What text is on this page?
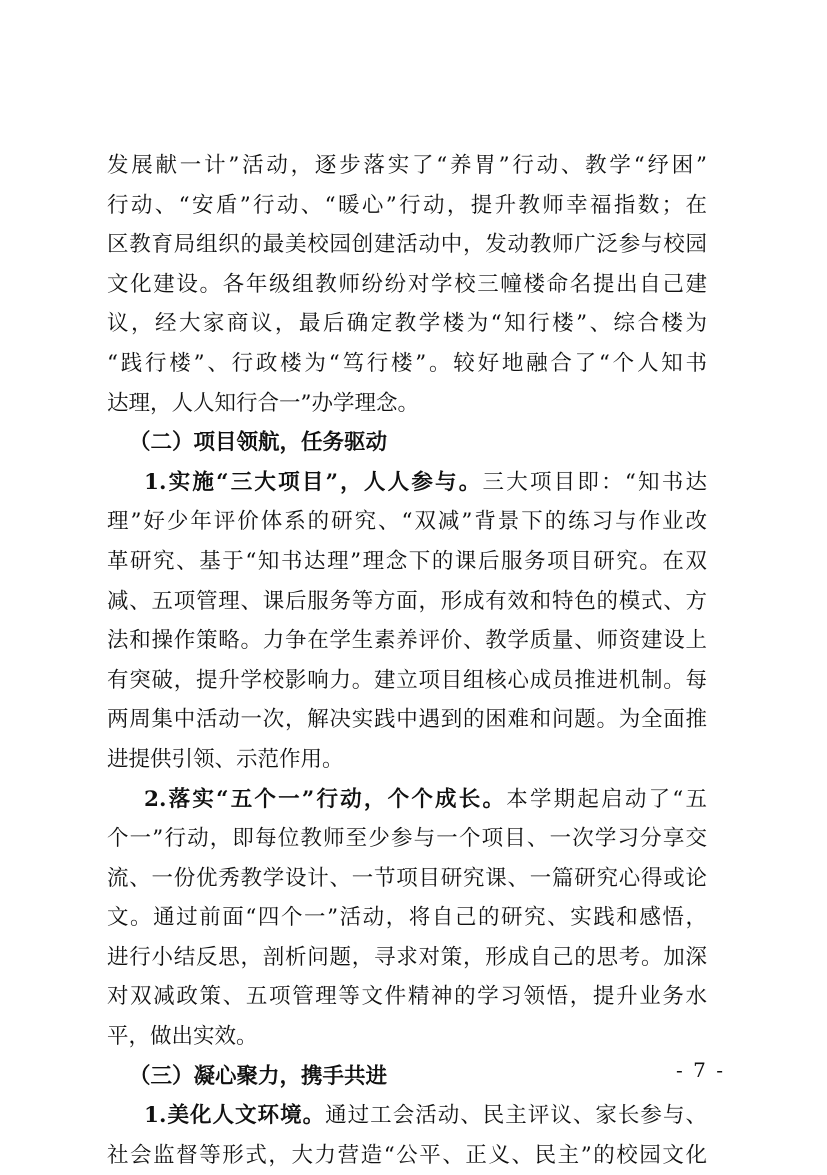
发展献一计”活动，逐步落实了“养胃”行动、教学“纾困”
行动、“安盾”行动、“暖心”行动，提升教师幸福指数；在
区教育局组织的最美校园创建活动中，发动教师广泛参与校园
文化建设。各年级组教师纷纷对学校三幢楼命名提出自己建
议，经大家商议，最后确定教学楼为“知行楼”、综合楼为
“践行楼”、行政楼为“笃行楼”。较好地融合了“个人知书
达理，人人知行合一”办学理念。
（二）项目领航，任务驱动
1.实施“三大项目”，人人参与。三大项目即：“知书达
理”好少年评价体系的研究、“双减”背景下的练习与作业改
革研究、基于“知书达理”理念下的课后服务项目研究。在双
减、五项管理、课后服务等方面，形成有效和特色的模式、方
法和操作策略。力争在学生素养评价、教学质量、师资建设上
有突破，提升学校影响力。建立项目组核心成员推进机制。每
两周集中活动一次，解决实践中遇到的困难和问题。为全面推
进提供引领、示范作用。
2.落实“五个一”行动，个个成长。本学期起启动了“五
个一”行动，即每位教师至少参与一个项目、一次学习分享交
流、一份优秀教学设计、一节项目研究课、一篇研究心得或论
文。通过前面“四个一”活动，将自己的研究、实践和感悟，
进行小结反思，剖析问题，寻求对策，形成自己的思考。加深
对双减政策、五项管理等文件精神的学习领悟，提升业务水
平，做出实效。
（三）凝心聚力，携手共进
1.美化人文环境。通过工会活动、民主评议、家长参与、
社会监督等形式，大力营造“公平、正义、民主”的校园文化
- 7 -
